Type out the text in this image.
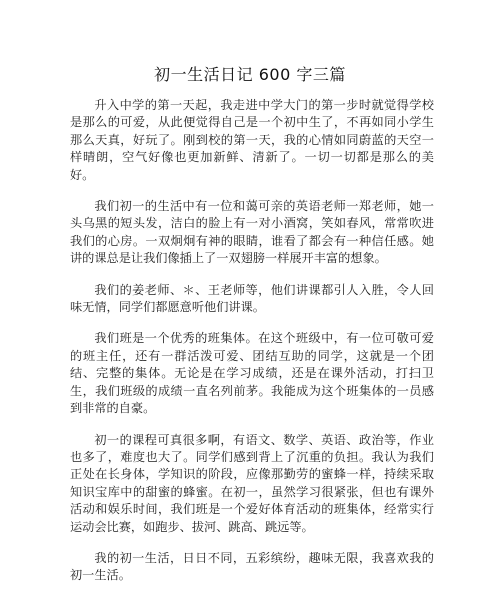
初一生活日记 600 字三篇

升入中学的第一天起，我走进中学大门的第一步时就觉得学校是那么的可爱，从此便觉得自己是一个初中生了，不再如同小学生那么天真，好玩了。刚到校的第一天，我的心情如同蔚蓝的天空一样晴朗，空气好像也更加新鲜、清新了。一切一切都是那么的美好。

我们初一的生活中有一位和蔼可亲的英语老师一郑老师，她一头乌黑的短头发，洁白的脸上有一对小酒窝，笑如春风，常常吹进我们的心房。一双炯炯有神的眼睛，谁看了都会有一种信任感。她讲的课总是让我们像插上了一双翅膀一样展开丰富的想象。

我们的姜老师、＊、王老师等，他们讲课都引人入胜，令人回味无情，同学们都愿意听他们讲课。

我们班是一个优秀的班集体。在这个班级中，有一位可敬可爱的班主任，还有一群活泼可爱、团结互助的同学，这就是一个团结、完整的集体。无论是在学习成绩，还是在课外活动，打扫卫生，我们班级的成绩一直名列前茅。我能成为这个班集体的一员感到非常的自豪。

初一的课程可真很多啊，有语文、数学、英语、政治等，作业也多了，难度也大了。同学们感到背上了沉重的负担。我认为我们正处在长身体，学知识的阶段，应像那勤劳的蜜蜂一样，持续采取知识宝库中的甜蜜的蜂蜜。在初一，虽然学习很紧张，但也有课外活动和娱乐时间，我们班是一个爱好体育活动的班集体，经常实行运动会比赛，如跑步、拔河、跳高、跳远等。

我的初一生活，日日不同，五彩缤纷，趣味无限，我喜欢我的初一生活。
